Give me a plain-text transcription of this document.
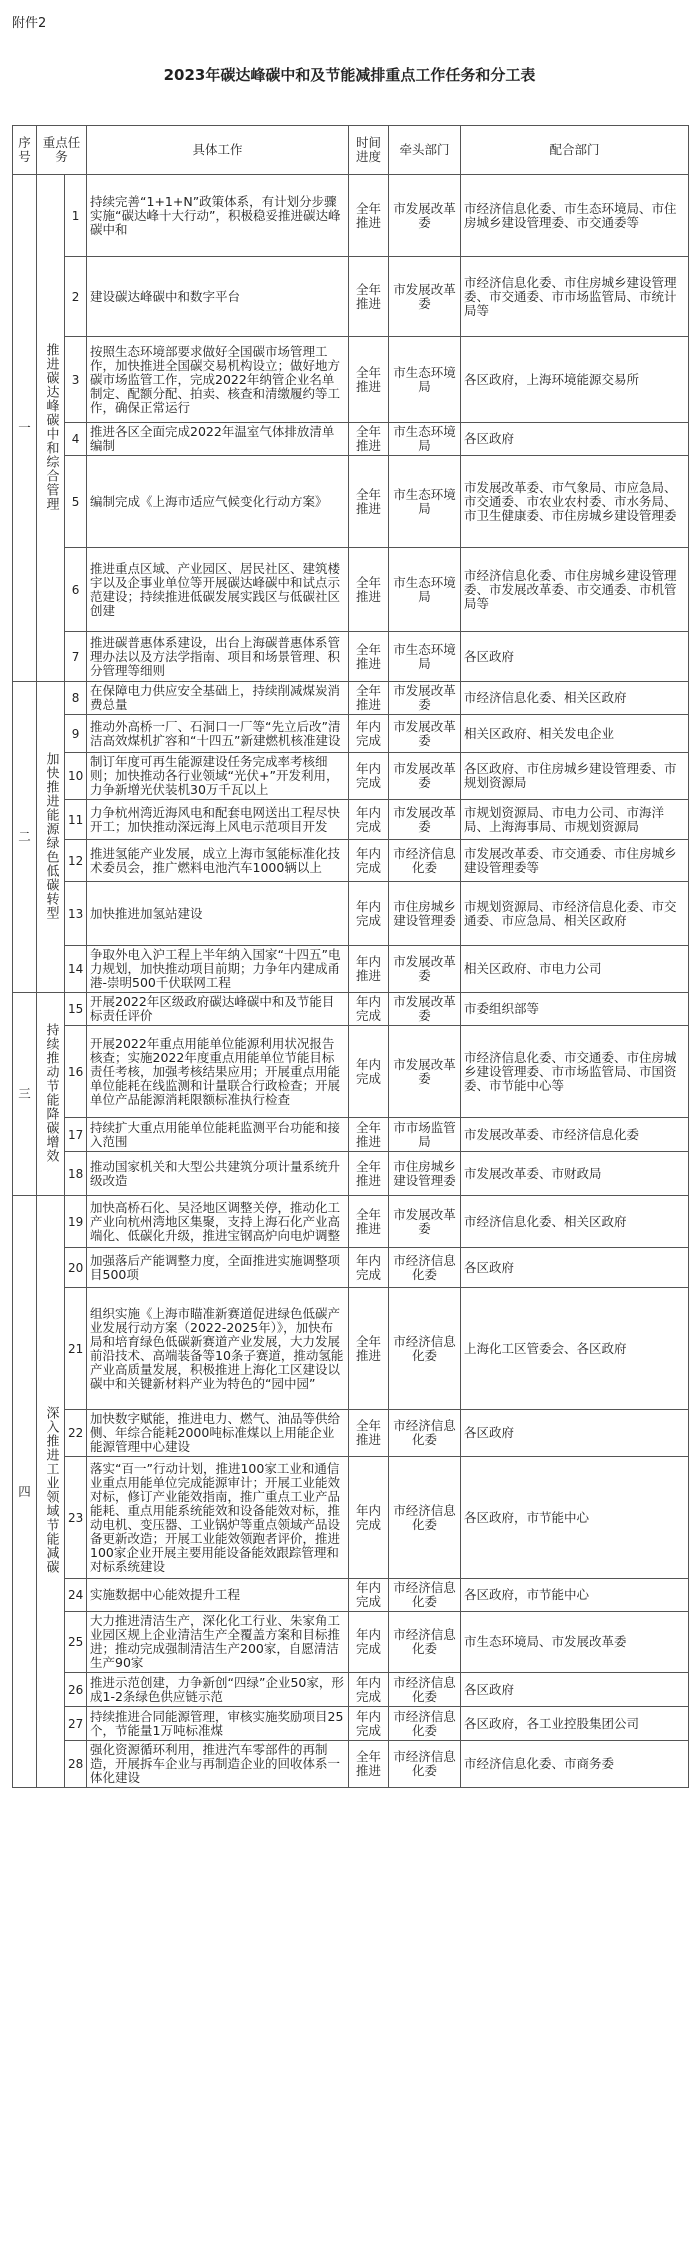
附件2
2023年碳达峰碳中和及节能减排重点工作任务和分工表
序号	重点任务		具体工作	时间进度	牵头部门	配合部门
一	推进碳达峰碳中和综合管理	1	持续完善“1+1+N”政策体系，有计划分步骤实施“碳达峰十大行动”，积极稳妥推进碳达峰碳中和	全年推进	市发展改革委	市经济信息化委、市生态环境局、市住房城乡建设管理委、市交通委等
		2	建设碳达峰碳中和数字平台	全年推进	市发展改革委	市经济信息化委、市住房城乡建设管理委、市交通委、市市场监管局、市统计局等
		3	按照生态环境部要求做好全国碳市场管理工作，加快推进全国碳交易机构设立；做好地方碳市场监管工作，完成2022年纳管企业名单制定、配额分配、拍卖、核查和清缴履约等工作，确保正常运行	全年推进	市生态环境局	各区政府，上海环境能源交易所
		4	推进各区全面完成2022年温室气体排放清单编制	全年推进	市生态环境局	各区政府
		5	编制完成《上海市适应气候变化行动方案》	全年推进	市生态环境局	市发展改革委、市气象局、市应急局、市交通委、市农业农村委、市水务局、市卫生健康委、市住房城乡建设管理委
		6	推进重点区域、产业园区、居民社区、建筑楼宇以及企事业单位等开展碳达峰碳中和试点示范建设；持续推进低碳发展实践区与低碳社区创建	全年推进	市生态环境局	市经济信息化委、市住房城乡建设管理委、市发展改革委、市交通委、市机管局等
		7	推进碳普惠体系建设，出台上海碳普惠体系管理办法以及方法学指南、项目和场景管理、积分管理等细则	全年推进	市生态环境局	各区政府
二	加快推进能源绿色低碳转型	8	在保障电力供应安全基础上，持续削减煤炭消费总量	全年推进	市发展改革委	市经济信息化委、相关区政府
		9	推动外高桥一厂、石洞口一厂等“先立后改”清洁高效煤机扩容和“十四五”新建燃机核准建设	年内完成	市发展改革委	相关区政府、相关发电企业
		10	制订年度可再生能源建设任务完成率考核细则；加快推动各行业领域“光伏+”开发利用，力争新增光伏装机30万千瓦以上	年内完成	市发展改革委	各区政府、市住房城乡建设管理委、市规划资源局
		11	力争杭州湾近海风电和配套电网送出工程尽快开工；加快推动深远海上风电示范项目开发	年内完成	市发展改革委	市规划资源局、市电力公司、市海洋局、上海海事局、市规划资源局
		12	推进氢能产业发展，成立上海市氢能标准化技术委员会，推广燃料电池汽车1000辆以上	年内完成	市经济信息化委	市发展改革委、市交通委、市住房城乡建设管理委等
		13	加快推进加氢站建设	年内完成	市住房城乡建设管理委	市规划资源局、市经济信息化委、市交通委、市应急局、相关区政府
		14	争取外电入沪工程上半年纳入国家“十四五”电力规划，加快推动项目前期；力争年内建成甬港-崇明500千伏联网工程	年内推进	市发展改革委	相关区政府、市电力公司
三	持续推动节能降碳增效	15	开展2022年区级政府碳达峰碳中和及节能目标责任评价	年内完成	市发展改革委	市委组织部等
		16	开展2022年重点用能单位能源利用状况报告核查；实施2022年度重点用能单位节能目标责任考核，加强考核结果应用；开展重点用能单位能耗在线监测和计量联合行政检查；开展单位产品能源消耗限额标准执行检查	年内完成	市发展改革委	市经济信息化委、市交通委、市住房城乡建设管理委、市市场监管局、市国资委、市节能中心等
		17	持续扩大重点用能单位能耗监测平台功能和接入范围	全年推进	市市场监管局	市发展改革委、市经济信息化委
		18	推动国家机关和大型公共建筑分项计量系统升级改造	全年推进	市住房城乡建设管理委	市发展改革委、市财政局
四	深入推进工业领域节能减碳	19	加快高桥石化、吴泾地区调整关停，推动化工产业向杭州湾地区集聚，支持上海石化产业高端化、低碳化升级，推进宝钢高炉向电炉调整	全年推进	市发展改革委	市经济信息化委、相关区政府
		20	加强落后产能调整力度，全面推进实施调整项目500项	年内完成	市经济信息化委	各区政府
		21	组织实施《上海市瞄准新赛道促进绿色低碳产业发展行动方案（2022-2025年）》，加快布局和培育绿色低碳新赛道产业发展，大力发展前沿技术、高端装备等10条子赛道，推动氢能产业高质量发展，积极推进上海化工区建设以碳中和关键新材料产业为特色的“园中园”	全年推进	市经济信息化委	上海化工区管委会、各区政府
		22	加快数字赋能，推进电力、燃气、油品等供给侧、年综合能耗2000吨标准煤以上用能企业能源管理中心建设	全年推进	市经济信息化委	各区政府
		23	落实“百一”行动计划，推进100家工业和通信业重点用能单位完成能源审计；开展工业能效对标，修订产业能效指南，推广重点工业产品能耗、重点用能系统能效和设备能效对标，推动电机、变压器、工业锅炉等重点领域产品设备更新改造；开展工业能效领跑者评价，推进100家企业开展主要用能设备能效跟踪管理和对标系统建设	年内完成	市经济信息化委	各区政府，市节能中心
		24	实施数据中心能效提升工程	年内完成	市经济信息化委	各区政府，市节能中心
		25	大力推进清洁生产，深化化工行业、朱家角工业园区规上企业清洁生产全覆盖方案和目标推进；推动完成强制清洁生产200家，自愿清洁生产90家	年内完成	市经济信息化委	市生态环境局、市发展改革委
		26	推进示范创建，力争新创“四绿”企业50家，形成1-2条绿色供应链示范	年内完成	市经济信息化委	各区政府
		27	持续推进合同能源管理，审核实施奖励项目25个，节能量1万吨标准煤	年内完成	市经济信息化委	各区政府，各工业控股集团公司
		28	强化资源循环利用，推进汽车零部件的再制造，开展拆车企业与再制造企业的回收体系一体化建设	全年推进	市经济信息化委	市经济信息化委、市商务委
